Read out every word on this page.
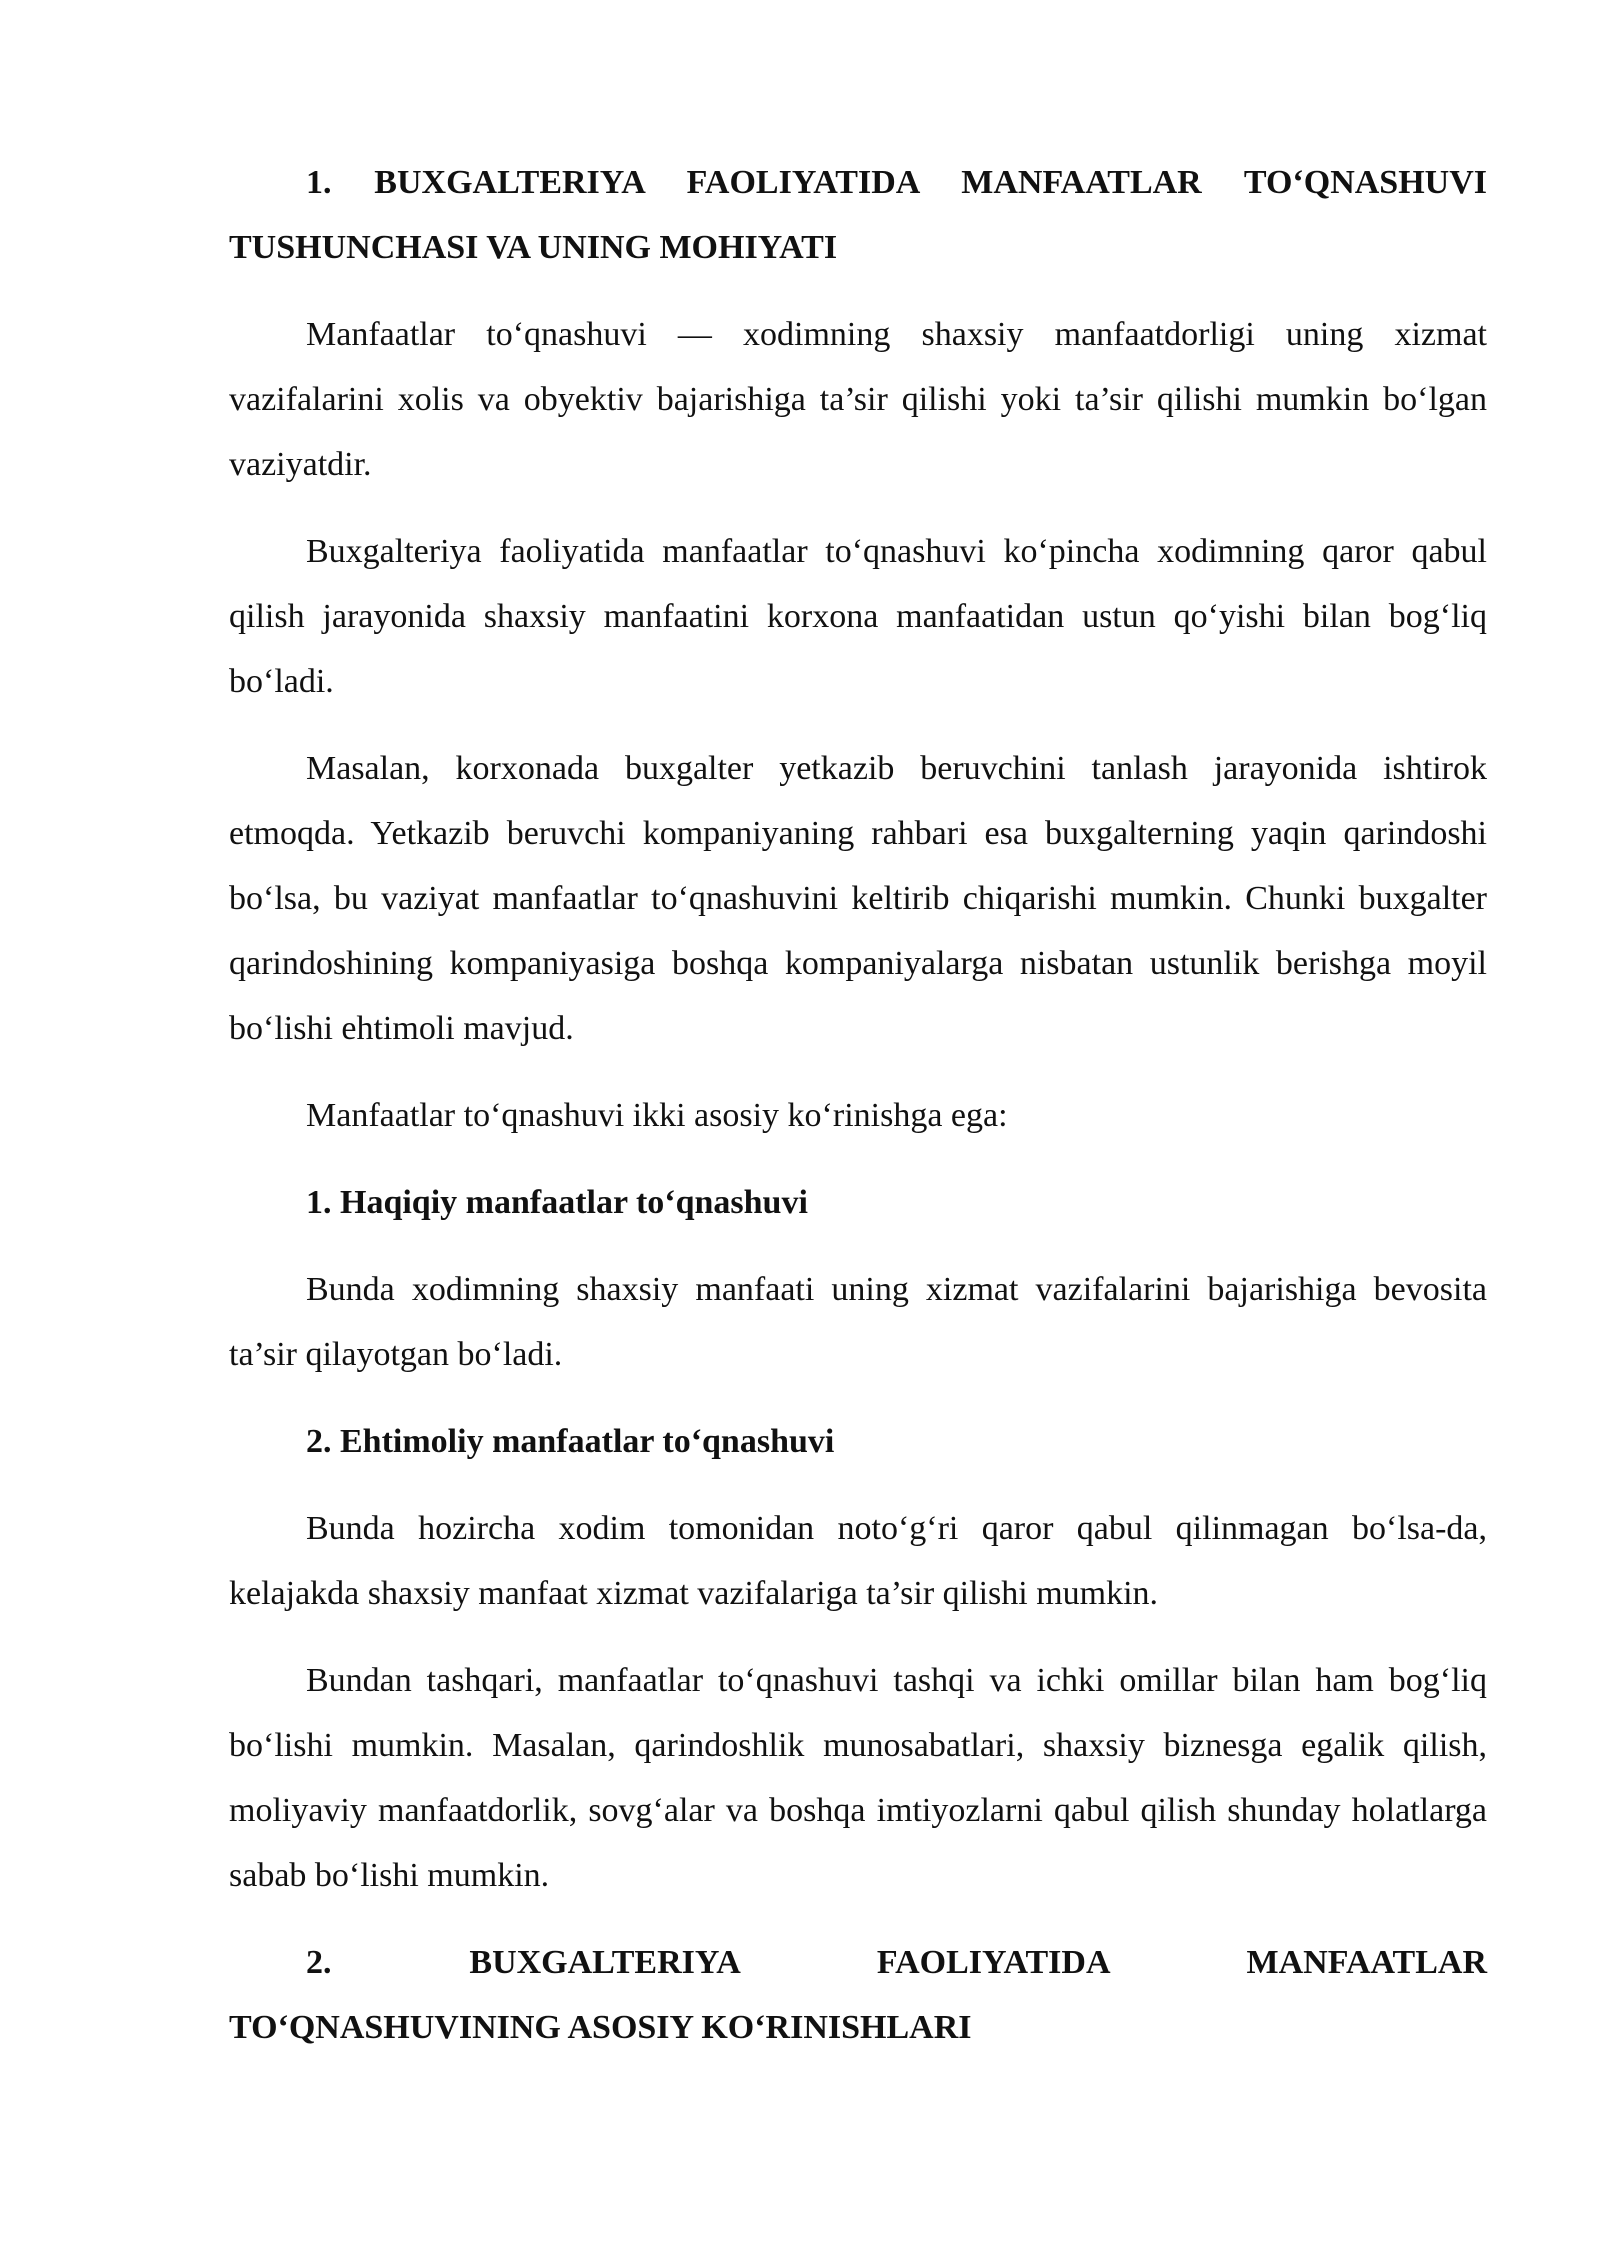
1. BUXGALTERIYA FAOLIYATIDA MANFAATLAR TO‘QNASHUVI TUSHUNCHASI VA UNING MOHIYATI

Manfaatlar to‘qnashuvi — xodimning shaxsiy manfaatdorligi uning xizmat vazifalarini xolis va obyektiv bajarishiga ta’sir qilishi yoki ta’sir qilishi mumkin bo‘lgan vaziyatdir.

Buxgalteriya faoliyatida manfaatlar to‘qnashuvi ko‘pincha xodimning qaror qabul qilish jarayonida shaxsiy manfaatini korxona manfaatidan ustun qo‘yishi bilan bog‘liq bo‘ladi.

Masalan, korxonada buxgalter yetkazib beruvchini tanlash jarayonida ishtirok etmoqda. Yetkazib beruvchi kompaniyaning rahbari esa buxgalterning yaqin qarindoshi bo‘lsa, bu vaziyat manfaatlar to‘qnashuvini keltirib chiqarishi mumkin. Chunki buxgalter qarindoshining kompaniyasiga boshqa kompaniyalarga nisbatan ustunlik berishga moyil bo‘lishi ehtimoli mavjud.

Manfaatlar to‘qnashuvi ikki asosiy ko‘rinishga ega:

1. Haqiqiy manfaatlar to‘qnashuvi

Bunda xodimning shaxsiy manfaati uning xizmat vazifalarini bajarishiga bevosita ta’sir qilayotgan bo‘ladi.

2. Ehtimoliy manfaatlar to‘qnashuvi

Bunda hozircha xodim tomonidan noto‘g‘ri qaror qabul qilinmagan bo‘lsa-da, kelajakda shaxsiy manfaat xizmat vazifalariga ta’sir qilishi mumkin.

Bundan tashqari, manfaatlar to‘qnashuvi tashqi va ichki omillar bilan ham bog‘liq bo‘lishi mumkin. Masalan, qarindoshlik munosabatlari, shaxsiy biznesga egalik qilish, moliyaviy manfaatdorlik, sovg‘alar va boshqa imtiyozlarni qabul qilish shunday holatlarga sabab bo‘lishi mumkin.

2. BUXGALTERIYA FAOLIYATIDA MANFAATLAR

TO‘QNASHUVINING ASOSIY KO‘RINISHLARI
